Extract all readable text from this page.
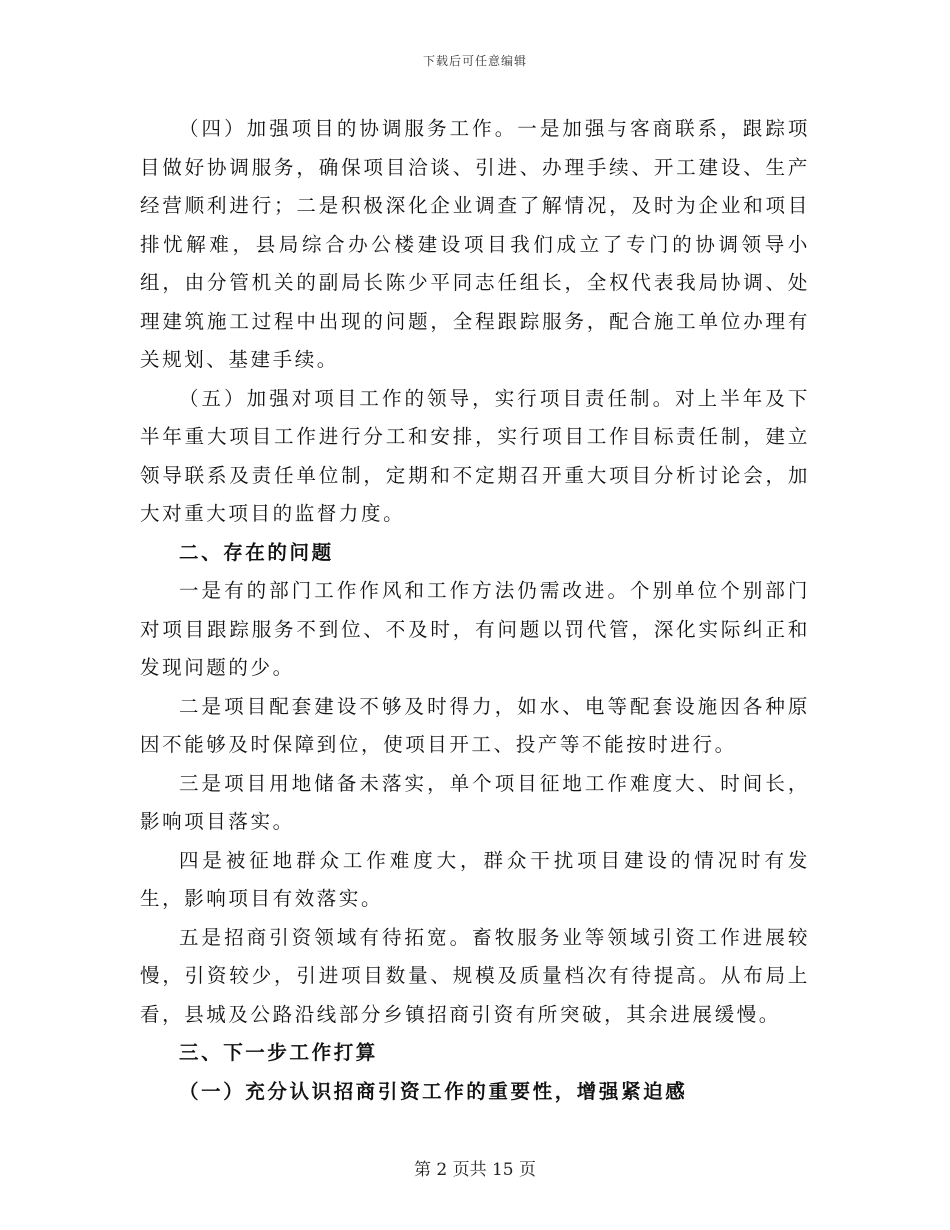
下载后可任意编辑

（四）加强项目的协调服务工作。一是加强与客商联系，跟踪项目做好协调服务，确保项目洽谈、引进、办理手续、开工建设、生产经营顺利进行；二是积极深化企业调查了解情况，及时为企业和项目排忧解难，县局综合办公楼建设项目我们成立了专门的协调领导小组，由分管机关的副局长陈少平同志任组长，全权代表我局协调、处理建筑施工过程中出现的问题，全程跟踪服务，配合施工单位办理有关规划、基建手续。

（五）加强对项目工作的领导，实行项目责任制。对上半年及下半年重大项目工作进行分工和安排，实行项目工作目标责任制，建立领导联系及责任单位制，定期和不定期召开重大项目分析讨论会，加大对重大项目的监督力度。

二、存在的问题

一是有的部门工作作风和工作方法仍需改进。个别单位个别部门对项目跟踪服务不到位、不及时，有问题以罚代管，深化实际纠正和发现问题的少。

二是项目配套建设不够及时得力，如水、电等配套设施因各种原因不能够及时保障到位，使项目开工、投产等不能按时进行。

三是项目用地储备未落实，单个项目征地工作难度大、时间长，影响项目落实。

四是被征地群众工作难度大，群众干扰项目建设的情况时有发生，影响项目有效落实。

五是招商引资领域有待拓宽。畜牧服务业等领域引资工作进展较慢，引资较少，引进项目数量、规模及质量档次有待提高。从布局上看，县城及公路沿线部分乡镇招商引资有所突破，其余进展缓慢。

三、下一步工作打算

（一）充分认识招商引资工作的重要性，增强紧迫感

第 2 页共 15 页
